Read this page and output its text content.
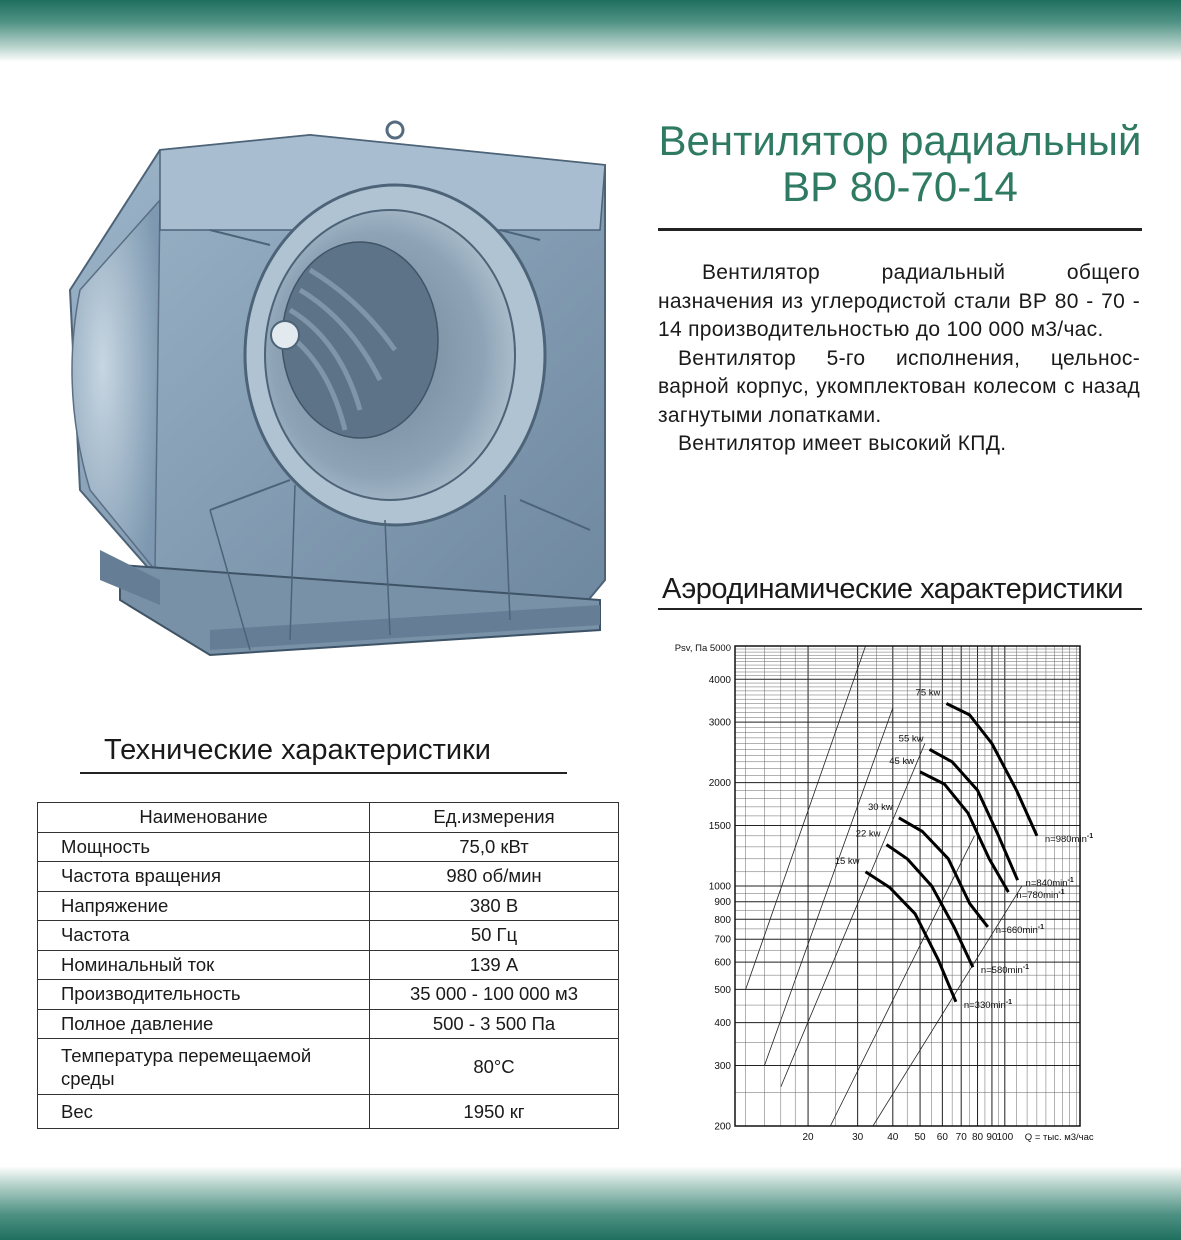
Вентилятор радиальный
ВР 80-70-14

Вентилятор радиальный общего назначения из углеродистой стали ВР 80 - 70 - 14 производительностью до 100 000 м3/час.

Вентилятор 5-го исполнения, цельнос- варной корпус, укомплектован колесом с назад загнутыми лопатками.

Вентилятор имеет высокий КПД.

Аэродинамические характеристики
Технические характеристики
Наименование	Ед.измерения
Мощность	75,0 кВт
Частота вращения	980 об/мин
Напряжение	380 В
Частота	50 Гц
Номинальный ток	139 А
Производительность	35 000 - 100 000 м3
Полное давление	500 - 3 500 Па
Температура перемещаемой среды	80°С
Вес	1950 кг
200
300
400
500
600
700
800
900
1000
1500
2000
3000
4000
Psv, Па 5000
20	30 40 50 60 70 80 90
100 Q = тыс. м3/час
$n=980\min^{-1}$
75 kw
$n=840\min^{-1}$
55 kw
$n=780\min^{-1}$
45 kw
$n=660\min^{-1}$
30 kw
$n=580\min^{-1}$
22 kw
$n=330\min^{-1}$
15 kw
